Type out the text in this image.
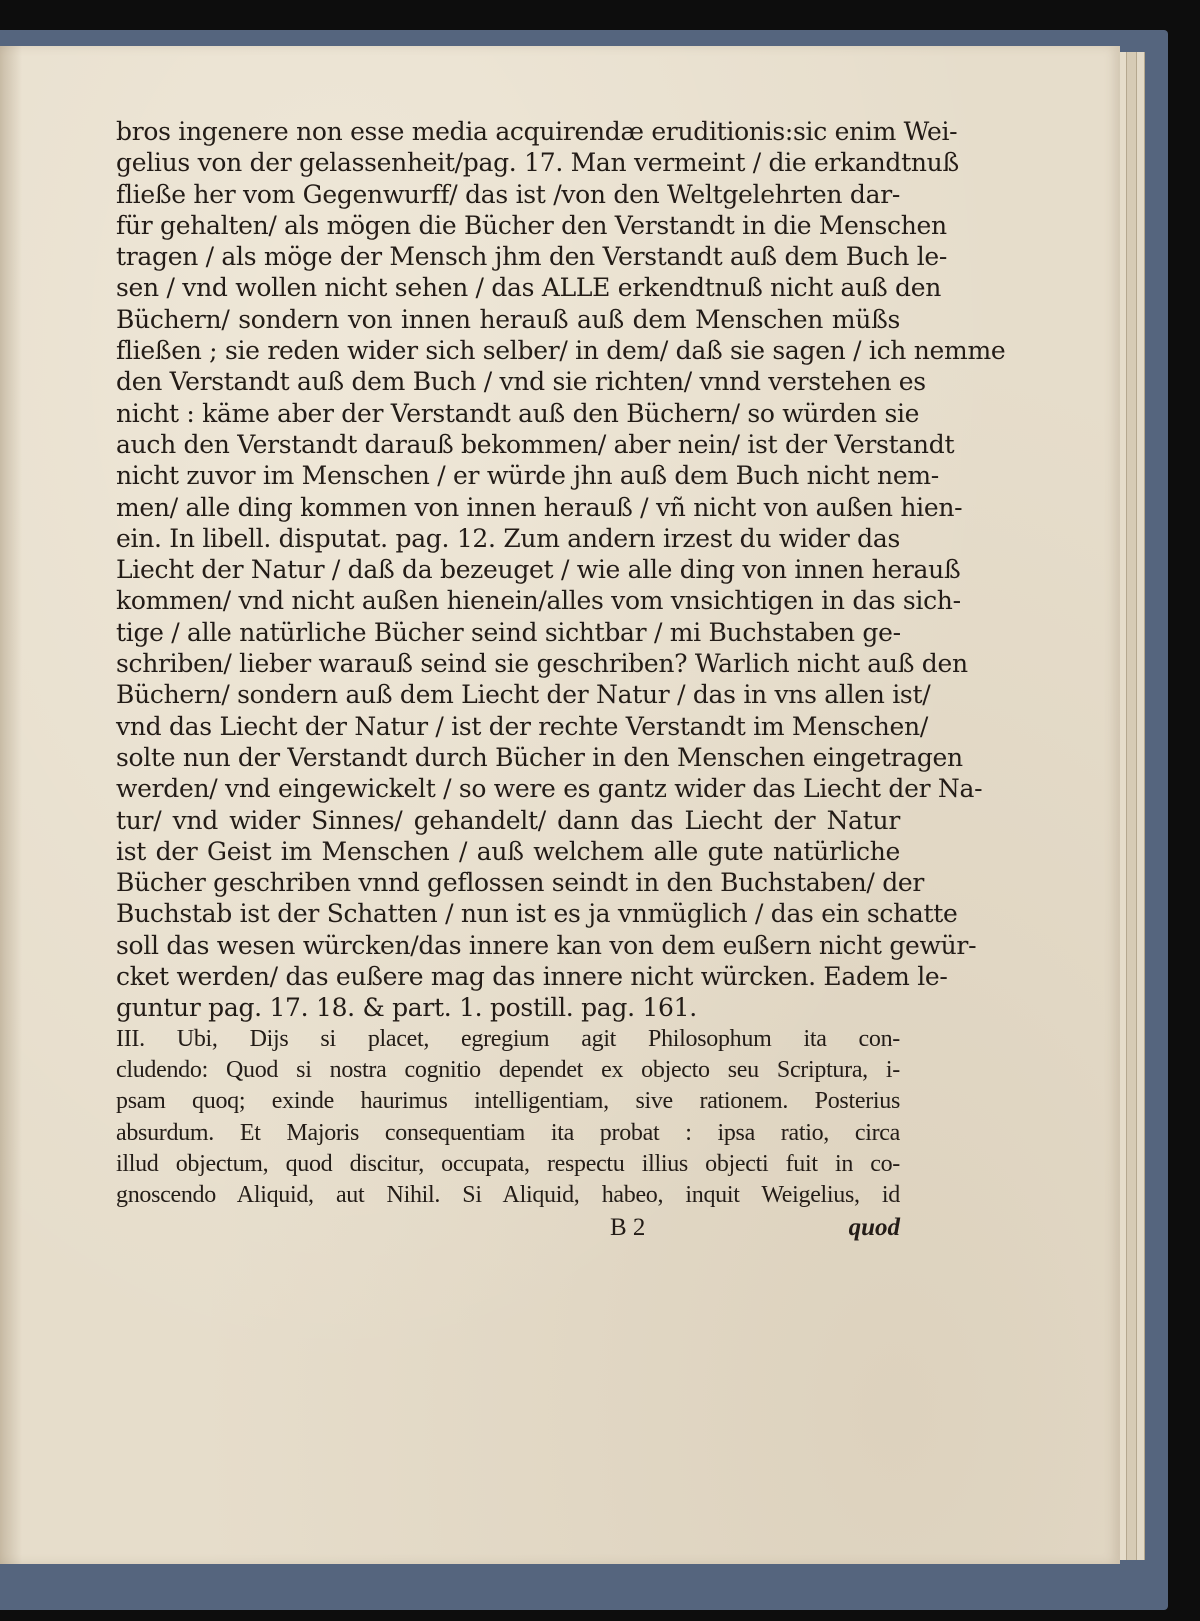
bros ingenere non esse media acquirendæ eruditionis:sic enim Wei-
gelius von der gelassenheit/pag. 17. Man vermeint / die erkandtnuß
fließe her vom Gegenwurff/ das ist /von den Weltgelehrten dar-
für gehalten/ als mögen die Bücher den Verstandt in die Menschen
tragen / als möge der Mensch jhm den Verstandt auß dem Buch le-
sen / vnd wollen nicht sehen / das ALLE erkendtnuß nicht auß den
Büchern/ sondern von innen herauß auß dem Menschen müßs
fließen ; sie reden wider sich selber/ in dem/ daß sie sagen / ich nemme
den Verstandt auß dem Buch / vnd sie richten/ vnnd verstehen es
nicht : käme aber der Verstandt auß den Büchern/ so würden sie
auch den Verstandt darauß bekommen/ aber nein/ ist der Verstandt
nicht zuvor im Menschen / er würde jhn auß dem Buch nicht nem-
men/ alle ding kommen von innen herauß / vñ nicht von außen hien-
ein. In libell. disputat. pag. 12. Zum andern irzest du wider das
Liecht der Natur / daß da bezeuget / wie alle ding von innen herauß
kommen/ vnd nicht außen hienein/alles vom vnsichtigen in das sich-
tige / alle natürliche Bücher seind sichtbar / mi Buchstaben ge-
schriben/ lieber warauß seind sie geschriben? Warlich nicht auß den
Büchern/ sondern auß dem Liecht der Natur / das in vns allen ist/
vnd das Liecht der Natur / ist der rechte Verstandt im Menschen/
solte nun der Verstandt durch Bücher in den Menschen eingetragen
werden/ vnd eingewickelt / so were es gantz wider das Liecht der Na-
tur/ vnd wider Sinnes/ gehandelt/ dann das Liecht der Natur
ist der Geist im Menschen / auß welchem alle gute natürliche
Bücher geschriben vnnd geflossen seindt in den Buchstaben/ der
Buchstab ist der Schatten / nun ist es ja vnmüglich / das ein schatte
soll das wesen würcken/das innere kan von dem eußern nicht gewür-
cket werden/ das eußere mag das innere nicht würcken. Eadem le-
guntur pag. 17. 18. & part. 1. postill. pag. 161.
III. Ubi, Dijs si placet, egregium agit Philosophum ita con-
cludendo: Quod si nostra cognitio dependet ex objecto seu Scriptura, i-
psam quoq; exinde haurimus intelligentiam, sive rationem. Posterius
absurdum. Et Majoris consequentiam ita probat : ipsa ratio, circa
illud objectum, quod discitur, occupata, respectu illius objecti fuit in co-
gnoscendo Aliquid, aut Nihil. Si Aliquid, habeo, inquit Weigelius, id
B 2	quod
